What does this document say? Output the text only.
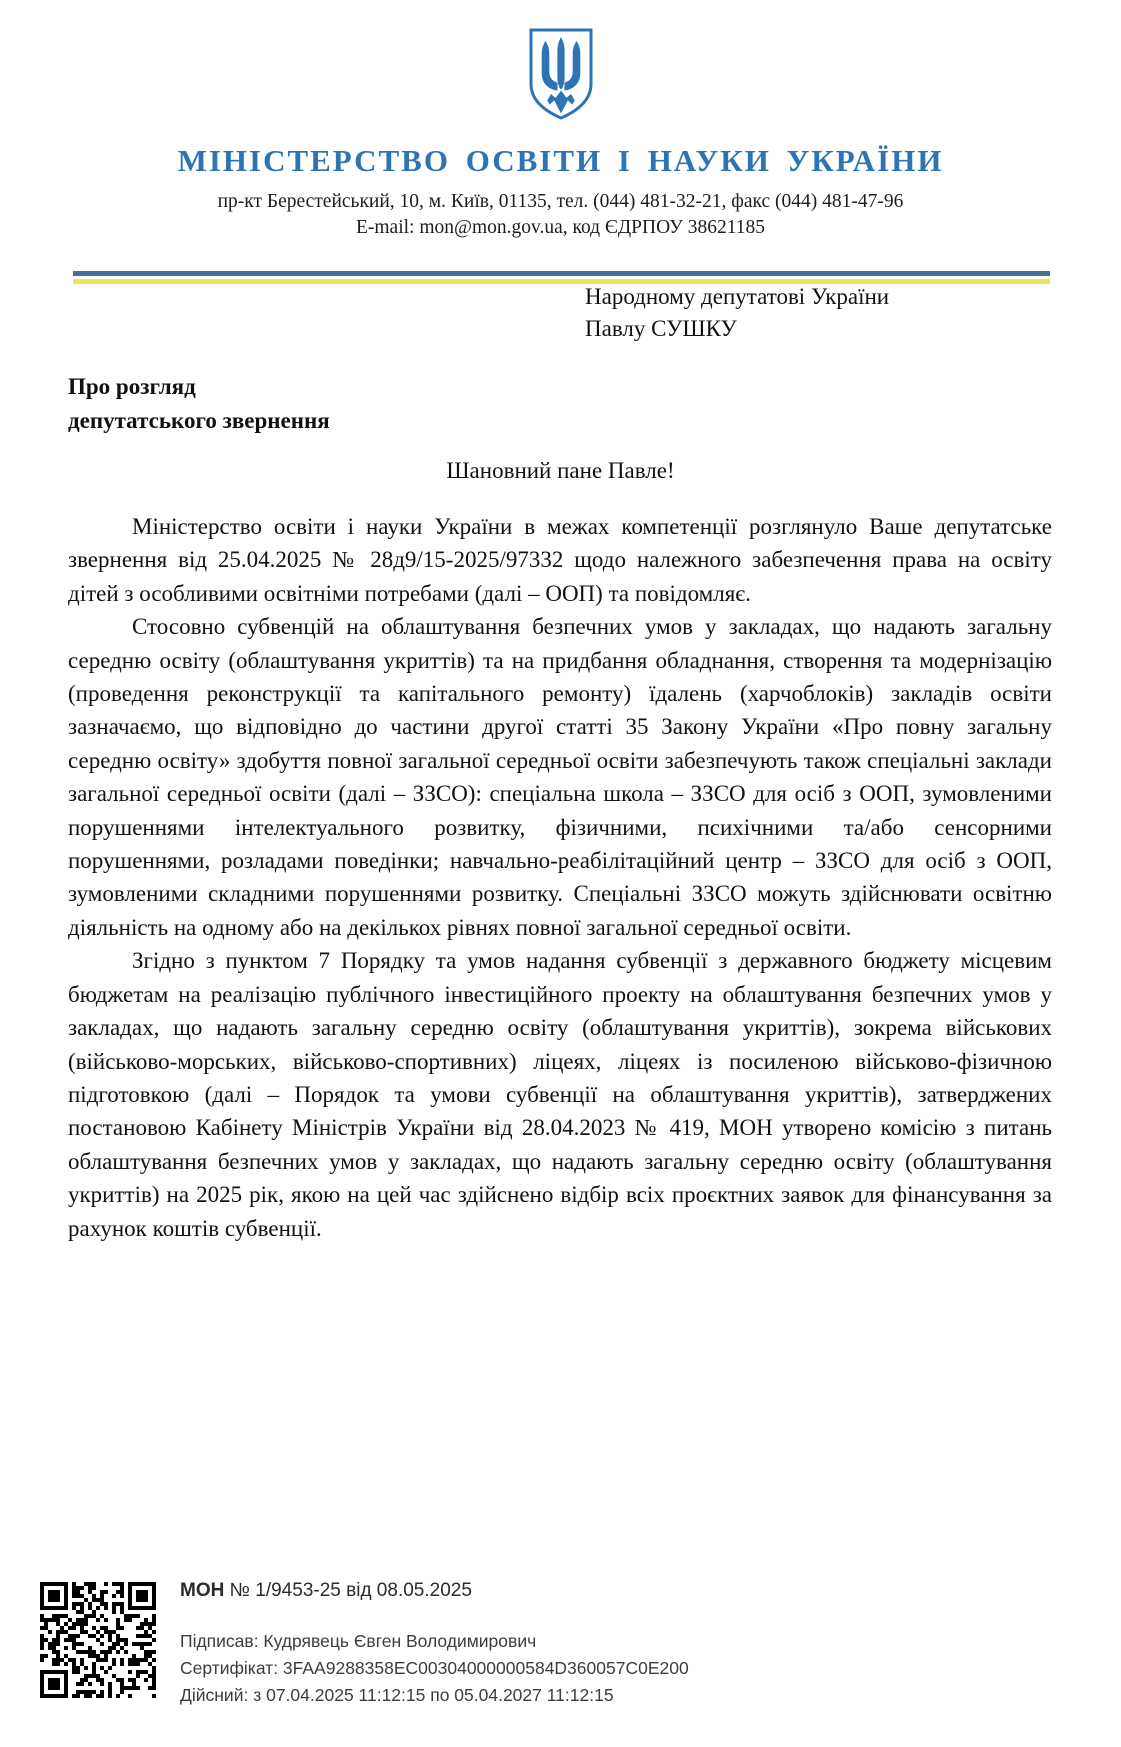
МІНІСТЕРСТВО ОСВІТИ І НАУКИ УКРАЇНИ
пр-кт Берестейський, 10, м. Київ, 01135, тел. (044) 481-32-21, факс (044) 481-47-96
E-mail: mon@mon.gov.ua, код ЄДРПОУ 38621185
Народному депутатові України
Павлу СУШКУ
Про розгляд
депутатського звернення
Шановний пане Павле!

Міністерство освіти і науки України в межах компетенції розглянуло Ваше депутатське звернення від 25.04.2025 № 28д9/15-2025/97332 щодо належного забезпечення права на освіту дітей з особливими освітніми потребами (далі – ООП) та повідомляє.

Стосовно субвенцій на облаштування безпечних умов у закладах, що надають загальну середню освіту (облаштування укриттів) та на придбання обладнання, створення та модернізацію (проведення реконструкції та капітального ремонту) їдалень (харчоблоків) закладів освіти зазначаємо, що відповідно до частини другої статті 35 Закону України «Про повну загальну середню освіту» здобуття повної загальної середньої освіти забезпечують також спеціальні заклади загальної середньої освіти (далі – ЗЗСО): спеціальна школа – ЗЗСО для осіб з ООП, зумовленими порушеннями інтелектуального розвитку, фізичними, психічними та/або сенсорними порушеннями, розладами поведінки; навчально-реабілітаційний центр – ЗЗСО для осіб з ООП, зумовленими складними порушеннями розвитку. Спеціальні ЗЗСО можуть здійснювати освітню діяльність на одному або на декількох рівнях повної загальної середньої освіти.

Згідно з пунктом 7 Порядку та умов надання субвенції з державного бюджету місцевим бюджетам на реалізацію публічного інвестиційного проекту на облаштування безпечних умов у закладах, що надають загальну середню освіту (облаштування укриттів), зокрема військових (військово-морських, військово-спортивних) ліцеях, ліцеях із посиленою військово-фізичною підготовкою (далі – Порядок та умови субвенції на облаштування укриттів), затверджених постановою Кабінету Міністрів України від 28.04.2023 № 419, МОН утворено комісію з питань облаштування безпечних умов у закладах, що надають загальну середню освіту (облаштування укриттів) на 2025 рік, якою на цей час здійснено відбір всіх проєктних заявок для фінансування за рахунок коштів субвенції.

МОН № 1/9453-25 від 08.05.2025
Підписав: Кудрявець Євген Володимирович
Сертифікат: 3FAA9288358EC00304000000584D360057C0E200
Дійсний: з 07.04.2025 11:12:15 по 05.04.2027 11:12:15
